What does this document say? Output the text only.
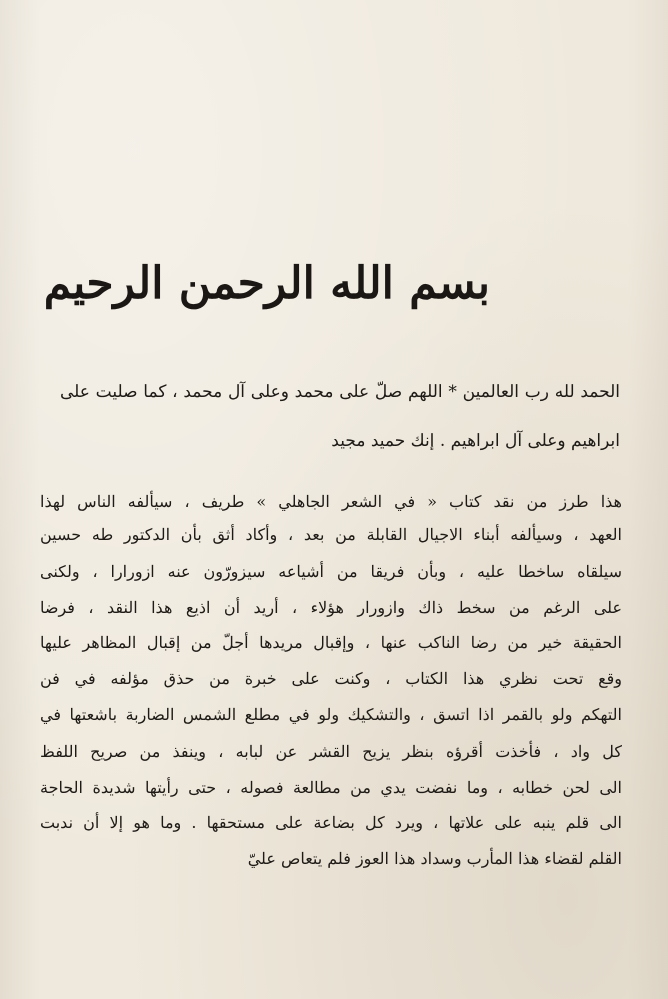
بسم الله الرحمن الرحيم
الحمد لله رب العالمين * اللهم صلّ على محمد وعلى آل محمد ، كما صليت على
ابراهيم وعلى آل ابراهيم . إنك حميد مجيد
هذا طرز من نقد كتاب « في الشعر الجاهلي » طريف ، سيألفه الناس لهذا
العهد ، وسيألفه أبناء الاجيال القابلة من بعد ، وأكاد أثق بأن الدكتور طه حسين
سيلقاه ساخطا عليه ، وبأن فريقا من أشياعه سيزورّون عنه ازورارا ، ولكنى
على الرغم من سخط ذاك وازورار هؤلاء ، أريد أن اذيع هذا النقد ، فرضا
الحقيقة خير من رضا الناكب عنها ، وإقبال مريدها أجلّ من إقبال المظاهر عليها
وقع تحت نظري هذا الكتاب ، وكنت على خبرة من حذق مؤلفه في فن
التهكم ولو بالقمر اذا اتسق ، والتشكيك ولو في مطلع الشمس الضاربة باشعتها في
كل واد ، فأخذت أقرؤه بنظر يزيح القشر عن لبابه ، وينفذ من صريح اللفظ
الى لحن خطابه ، وما نفضت يدي من مطالعة فصوله ، حتى رأيتها شديدة الحاجة
الى قلم ينبه على علاتها ، ويرد كل بضاعة على مستحقها . وما هو إلا أن ندبت
القلم لقضاء هذا المأرب وسداد هذا العوز فلم يتعاص عليّ
